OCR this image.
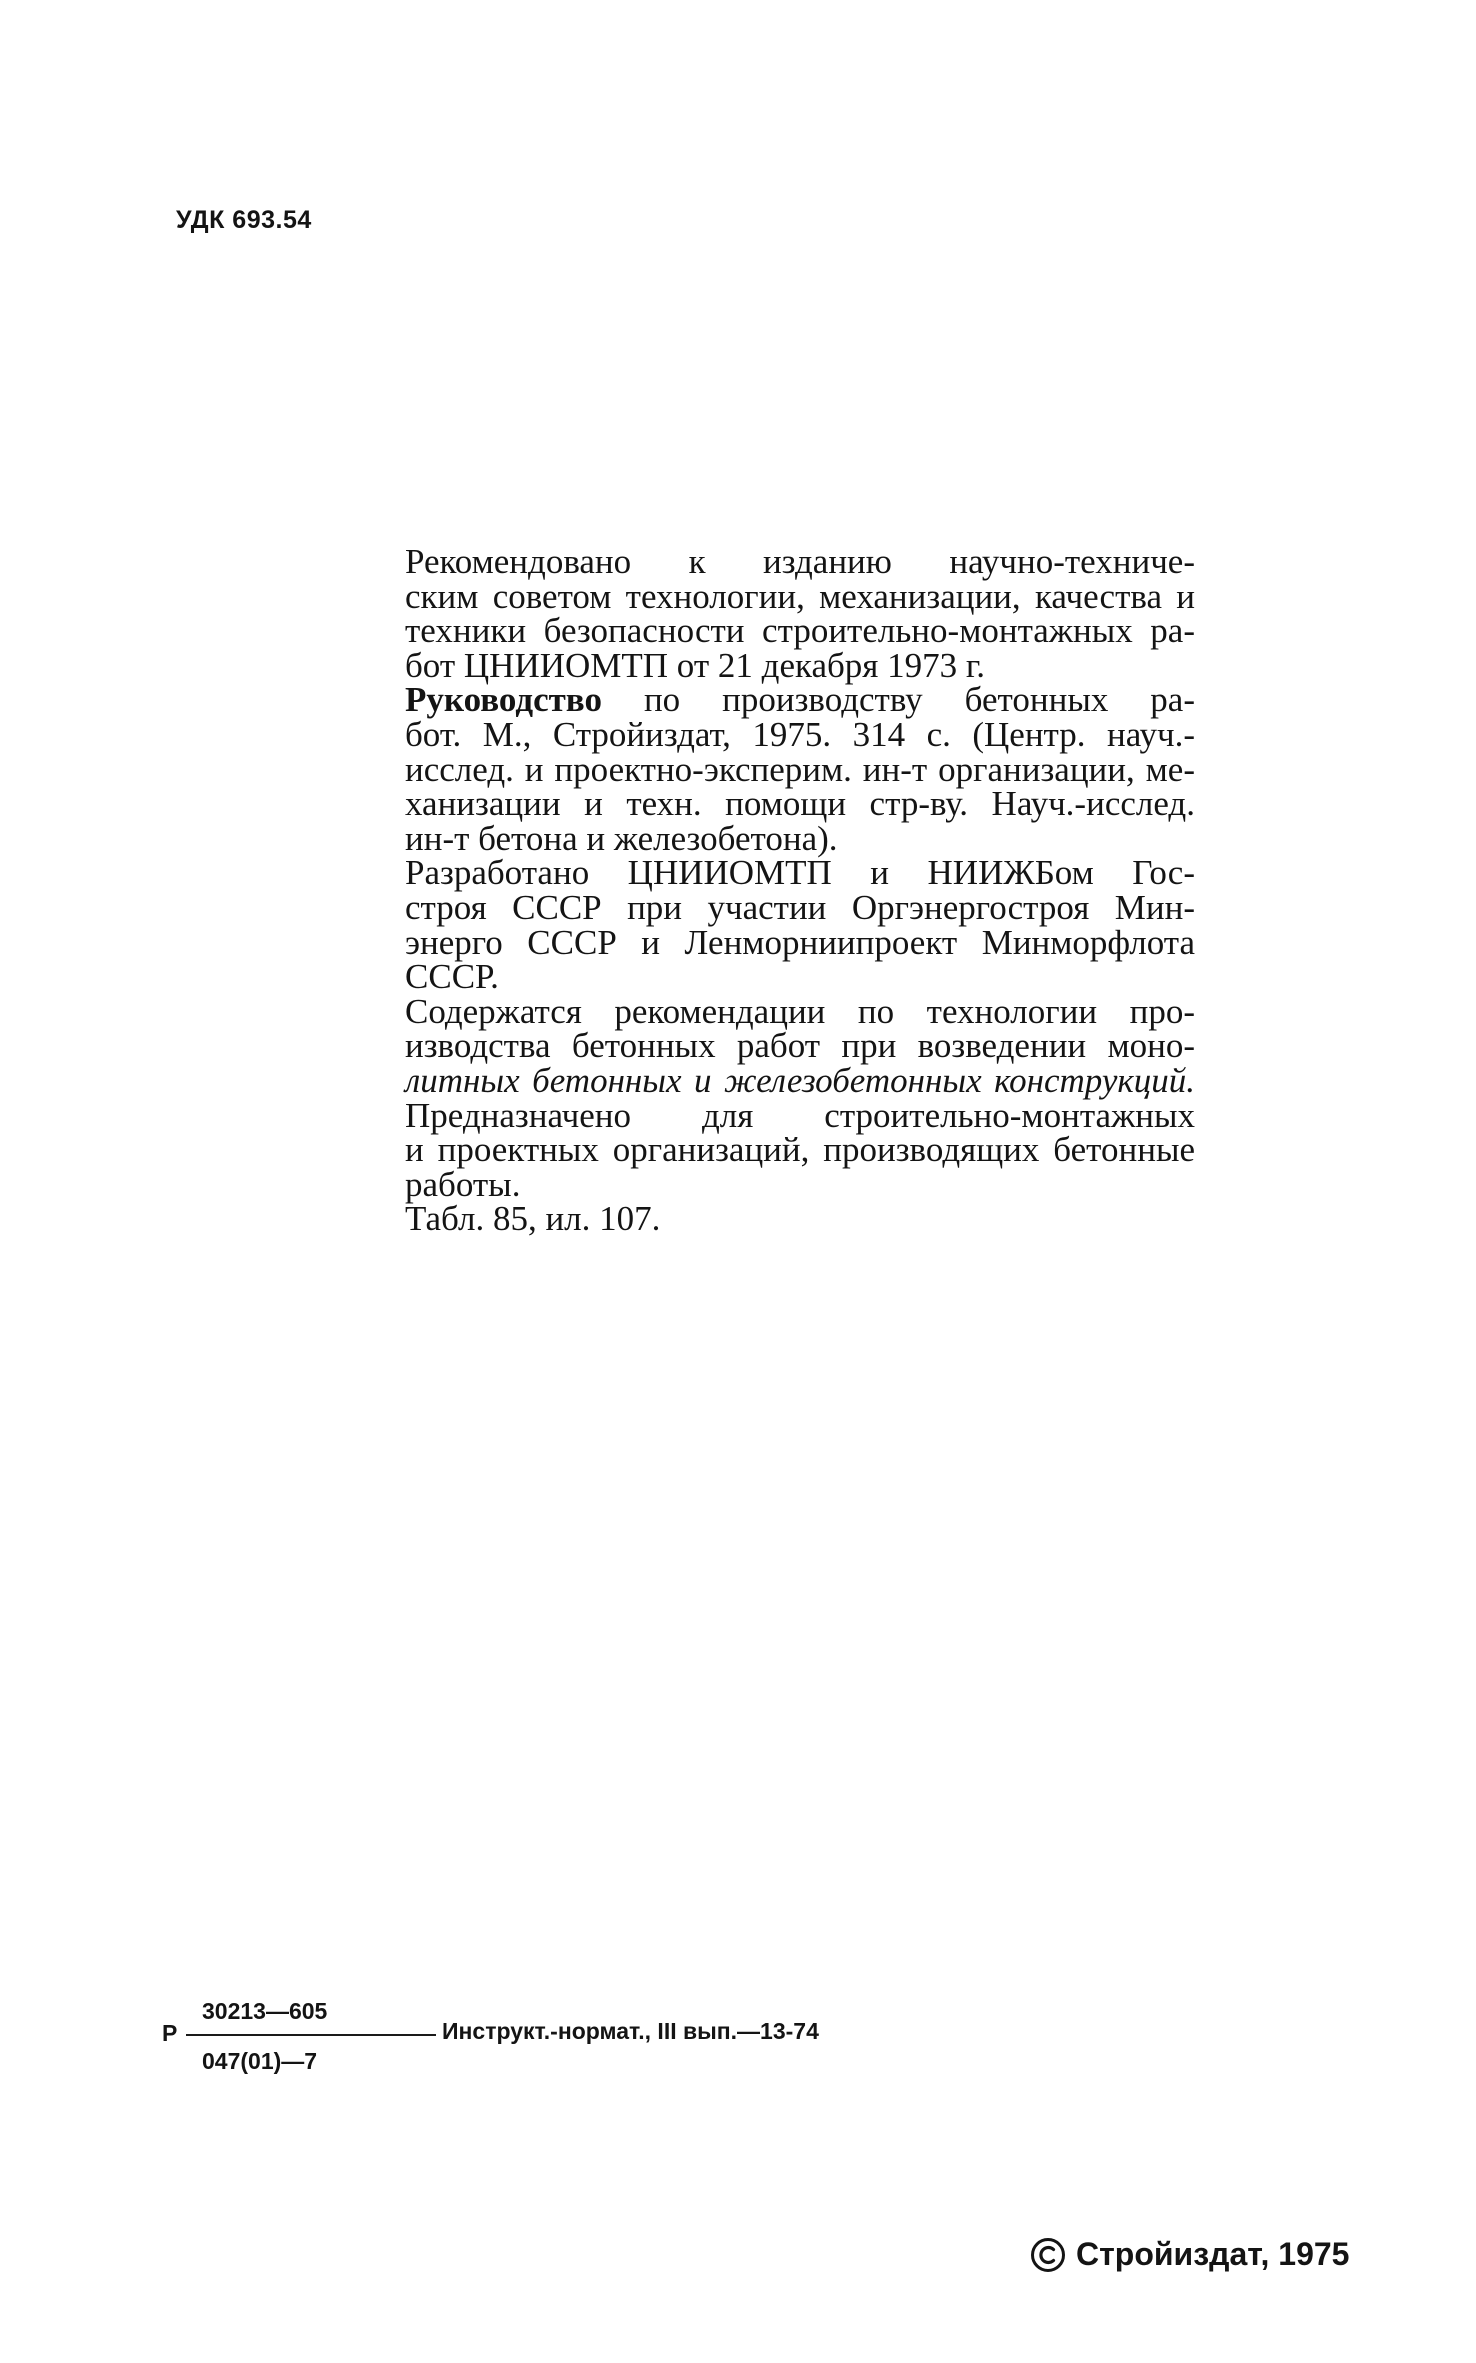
УДК 693.54
Рекомендовано к изданию научно-техниче-
ским советом технологии, механизации, качества и
техники безопасности строительно-монтажных ра-
бот ЦНИИОМТП от 21 декабря 1973 г.
Руководство по производству бетонных ра-
бот. М., Стройиздат, 1975. 314 с. (Центр. науч.-
исслед. и проектно-эксперим. ин-т организации, ме-
ханизации и техн. помощи стр-ву. Науч.-исслед.
ин-т бетона и железобетона).
Разработано ЦНИИОМТП и НИИЖБом Гос-
строя СССР при участии Оргэнергостроя Мин-
энерго СССР и Ленморниипроект Минморфлота
СССР.
Содержатся рекомендации по технологии про-
изводства бетонных работ при возведении моно-
литных бетонных и железобетонных конструкций.
Предназначено для строительно-монтажных
и проектных организаций, производящих бетонные
работы.
Табл. 85, ил. 107.
Р
30213—605
047(01)—7
Инструкт.-нормат., III вып.—13-74
Стройиздат, 1975
